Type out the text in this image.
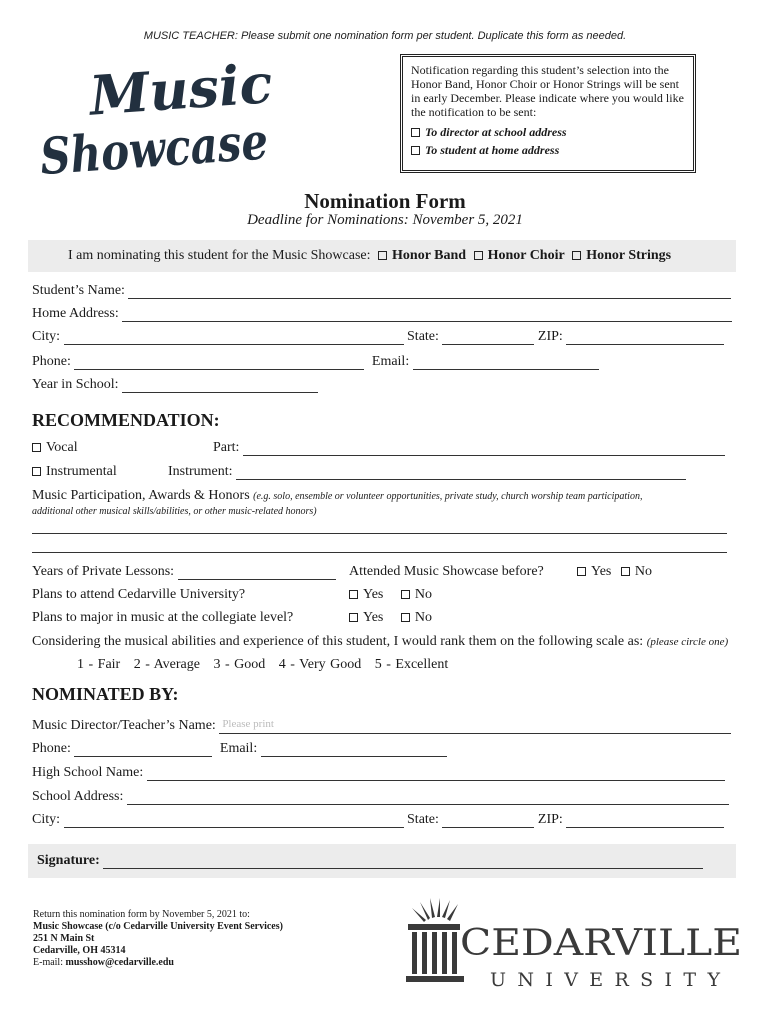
MUSIC TEACHER: Please submit one nomination form per student. Duplicate this form as needed.
Music
Showcase
Notification regarding this student’s selection into the Honor Band, Honor Choir or Honor Strings will be sent in early December. Please indicate where you would like the notification to be sent:
To director at school address
To student at home address
Nomination Form
Deadline for Nominations: November 5, 2021
I am nominating this student for the Music Showcase: Honor Band Honor Choir Honor Strings
Student’s Name:
Home Address:
City:	State:	ZIP:
Phone:	Email:
Year in School:
RECOMMENDATION:
Vocal	Part:
Instrumental	Instrument:
Music Participation, Awards & Honors (e.g. solo, ensemble or volunteer opportunities, private study, church worship team participation,
additional other musical skills/abilities, or other music-related honors)
Years of Private Lessons:	Attended Music Showcase before?	Yes No
Plans to attend Cedarville University?	Yes No
Plans to major in music at the collegiate level?	Yes No
Considering the musical abilities and experience of this student, I would rank them on the following scale as: (please circle one)
1 - Fair 2 - Average 3 - Good 4 - Very Good 5 - Excellent
NOMINATED BY:
Music Director/Teacher’s Name: Please print
Phone:	Email:
High School Name:
School Address:
City:	State:	ZIP:
Signature:
Return this nomination form by November 5, 2021 to:
Music Showcase (c/o Cedarville University Event Services)
251 N Main St
Cedarville, OH 45314
E-mail: musshow@cedarville.edu	CEDARVILLE
UNIVERSITY
